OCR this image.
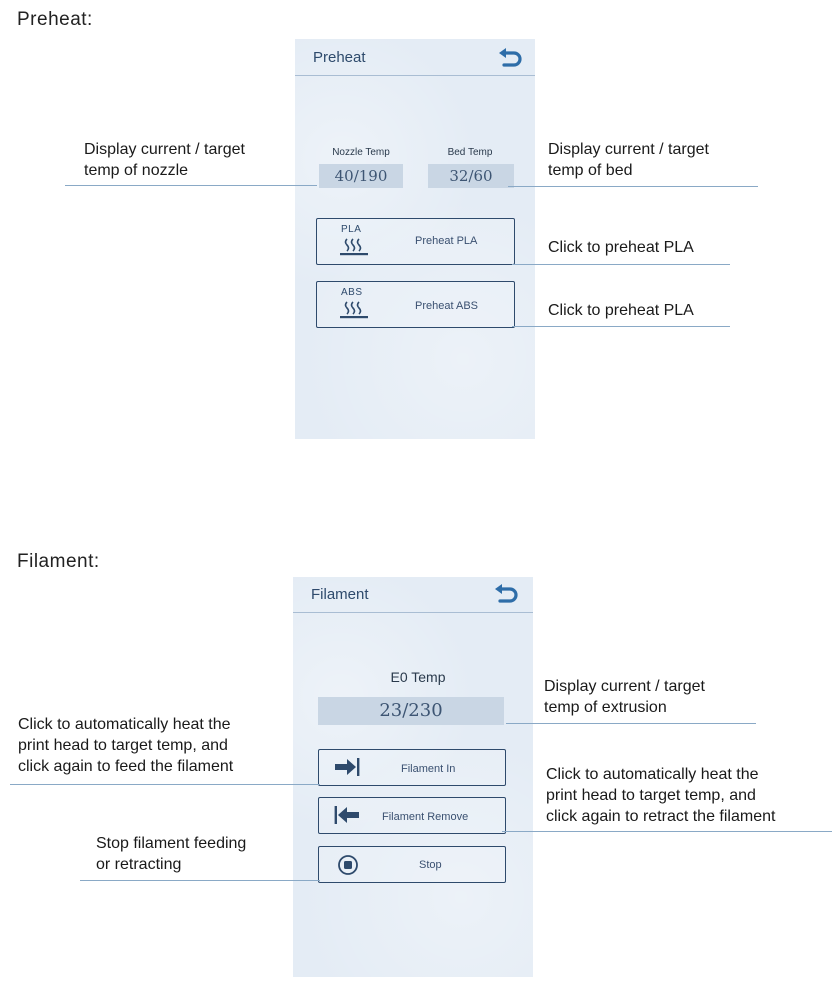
Preheat:
Preheat
Nozzle Temp
40/190
Bed Temp
32/60
PLA
Preheat PLA
ABS
Preheat ABS
Display current / target
temp of nozzle
Display current / target
temp of bed
Click to preheat PLA
Click to preheat PLA
Filament:
Filament
E0 Temp
23/230
Filament In
Filament Remove
Stop
Display current / target
temp of extrusion
Click to automatically heat the
print head to target temp, and
click again to feed the filament	Click to automatically heat the
print head to target temp, and
click again to retract the filament
Stop filament feeding
or retracting
